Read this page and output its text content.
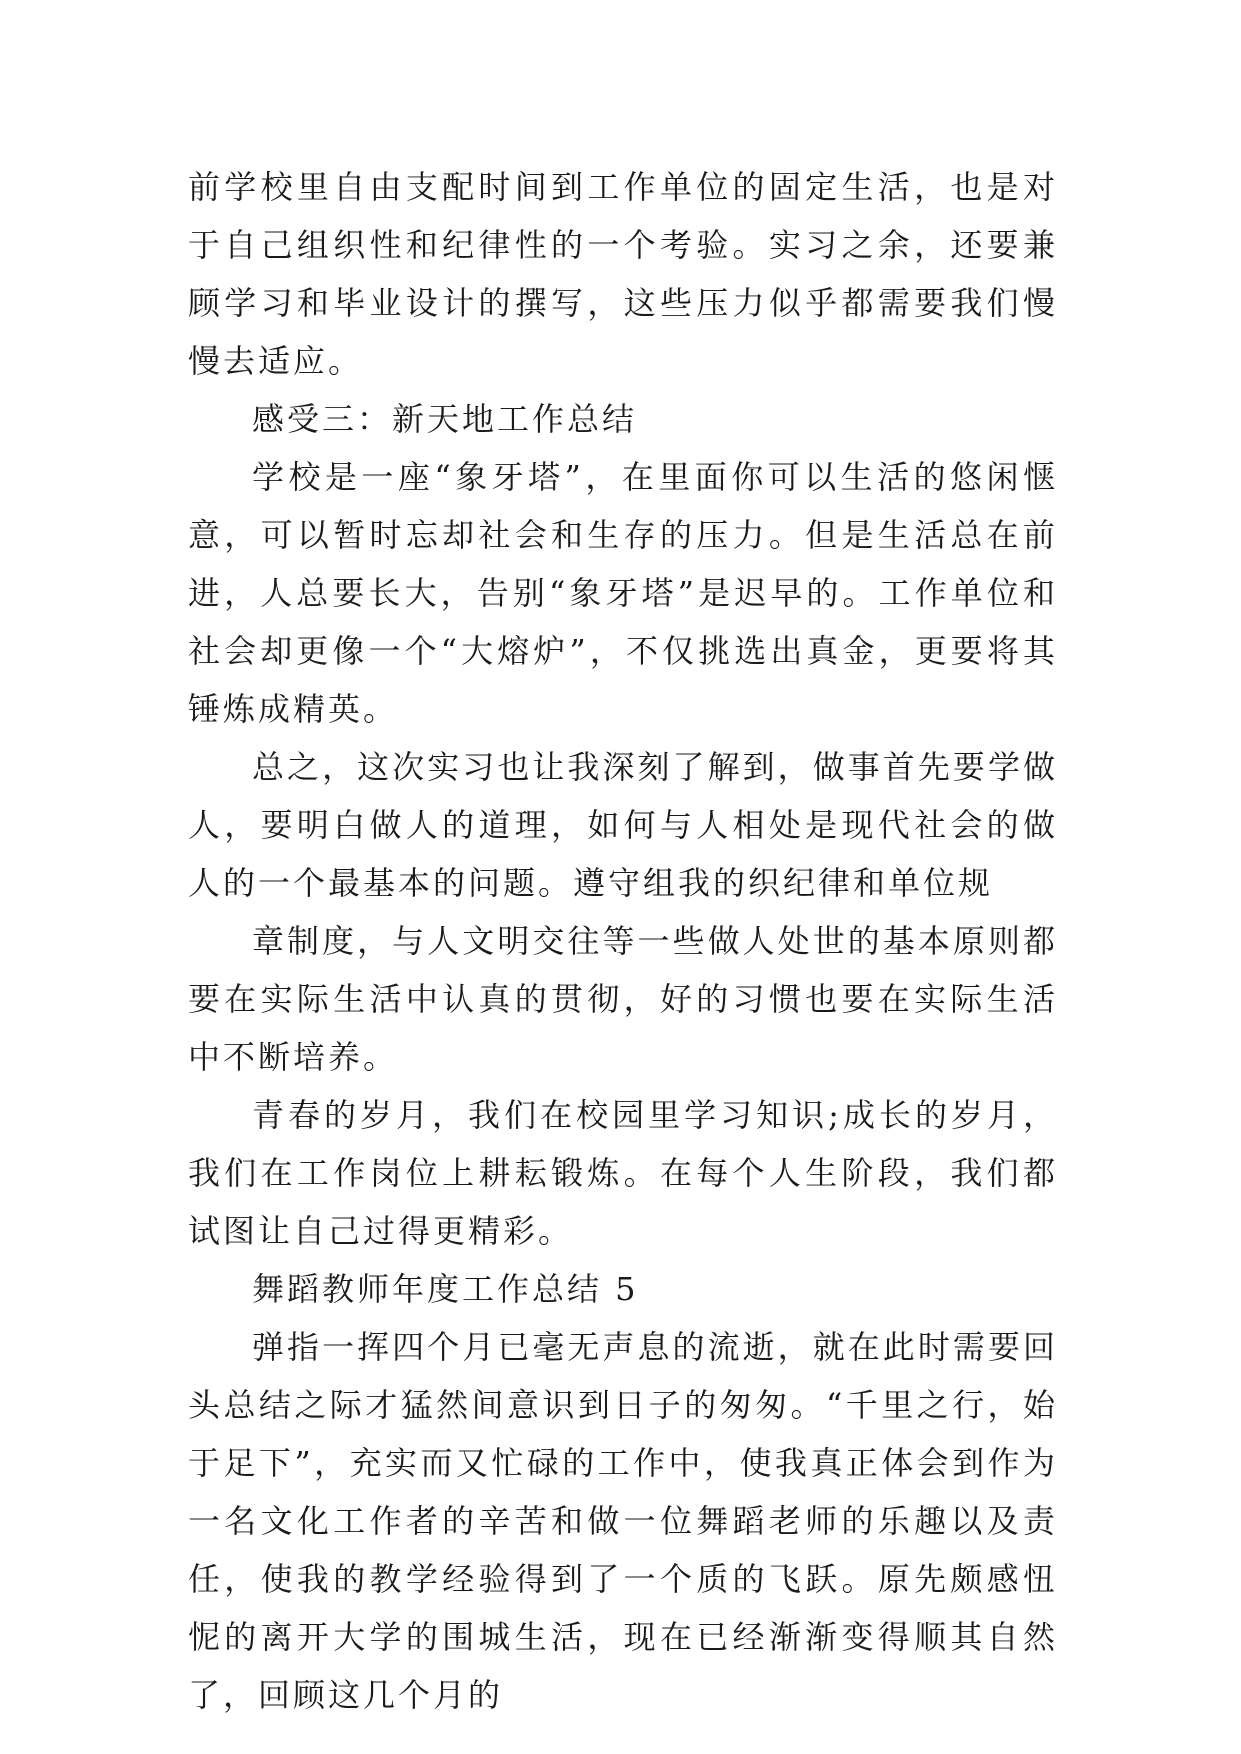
前学校里自由支配时间到工作单位的固定生活，也是对于自己组织性和纪律性的一个考验。实习之余，还要兼顾学习和毕业设计的撰写，这些压力似乎都需要我们慢慢去适应。

感受三：新天地工作总结

学校是一座“象牙塔”，在里面你可以生活的悠闲惬意，可以暂时忘却社会和生存的压力。但是生活总在前进，人总要长大，告别“象牙塔”是迟早的。工作单位和社会却更像一个“大熔炉”，不仅挑选出真金，更要将其锤炼成精英。

总之，这次实习也让我深刻了解到，做事首先要学做人，要明白做人的道理，如何与人相处是现代社会的做人的一个最基本的问题。遵守组我的织纪律和单位规

章制度，与人文明交往等一些做人处世的基本原则都要在实际生活中认真的贯彻，好的习惯也要在实际生活中不断培养。

青春的岁月，我们在校园里学习知识;成长的岁月，我们在工作岗位上耕耘锻炼。在每个人生阶段，我们都试图让自己过得更精彩。

舞蹈教师年度工作总结 5

弹指一挥四个月已毫无声息的流逝，就在此时需要回头总结之际才猛然间意识到日子的匆匆。“千里之行，始于足下”，充实而又忙碌的工作中，使我真正体会到作为一名文化工作者的辛苦和做一位舞蹈老师的乐趣以及责任，使我的教学经验得到了一个质的飞跃。原先颇感忸怩的离开大学的围城生活，现在已经渐渐变得顺其自然了，回顾这几个月的
